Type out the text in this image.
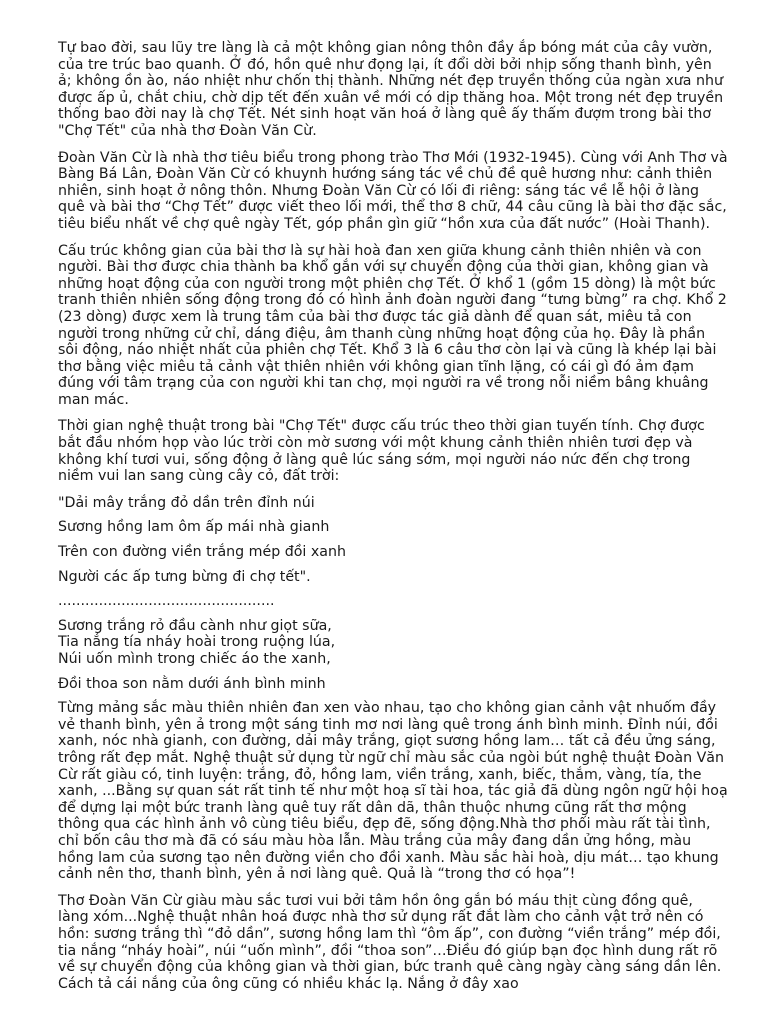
Tự bao đời, sau lũy tre làng là cả một không gian nông thôn đầy ắp bóng mát của cây vườn, của tre trúc bao quanh. Ở đó, hồn quê như đọng lại, ít đổi dời bởi nhịp sống thanh bình, yên ả; không ồn ào, náo nhiệt như chốn thị thành. Những nét đẹp truyền thống của ngàn xưa như được ấp ủ, chắt chiu, chờ dịp tết đến xuân về mới có dịp thăng hoa. Một trong nét đẹp truyền thống bao đời nay là chợ Tết. Nét sinh hoạt văn hoá ở làng quê ấy thấm đượm trong bài thơ "Chợ Tết" của nhà thơ Đoàn Văn Cừ.

Đoàn Văn Cừ là nhà thơ tiêu biểu trong phong trào Thơ Mới (1932-1945). Cùng với Anh Thơ và Bàng Bá Lân, Đoàn Văn Cừ có khuynh hướng sáng tác về chủ đề quê hương như: cảnh thiên nhiên, sinh hoạt ở nông thôn. Nhưng Đoàn Văn Cừ có lối đi riêng: sáng tác về lễ hội ở làng quê và bài thơ “Chợ Tết” được viết theo lối mới, thể thơ 8 chữ, 44 câu cũng là bài thơ đặc sắc, tiêu biểu nhất về chợ quê ngày Tết, góp phần gìn giữ “hồn xưa của đất nước” (Hoài Thanh).

Cấu trúc không gian của bài thơ là sự hài hoà đan xen giữa khung cảnh thiên nhiên và con người. Bài thơ được chia thành ba khổ gắn với sự chuyển động của thời gian, không gian và những hoạt động của con người trong một phiên chợ Tết. Ở khổ 1 (gồm 15 dòng) là một bức tranh thiên nhiên sống động trong đó có hình ảnh đoàn người đang “tưng bừng” ra chợ. Khổ 2 (23 dòng) được xem là trung tâm của bài thơ được tác giả dành để quan sát, miêu tả con người trong những cử chỉ, dáng điệu, âm thanh cùng những hoạt động của họ. Đây là phần sôi động, náo nhiệt nhất của phiên chợ Tết. Khổ 3 là 6 câu thơ còn lại và cũng là khép lại bài thơ bằng việc miêu tả cảnh vật thiên nhiên với không gian tĩnh lặng, có cái gì đó ảm đạm đúng với tâm trạng của con người khi tan chợ, mọi người ra về trong nỗi niềm bâng khuâng man mác.

Thời gian nghệ thuật trong bài "Chợ Tết" được cấu trúc theo thời gian tuyến tính. Chợ được bắt đầu nhóm họp vào lúc trời còn mờ sương với một khung cảnh thiên nhiên tươi đẹp và không khí tươi vui, sống động ở làng quê lúc sáng sớm, mọi người náo nức đến chợ trong niềm vui lan sang cùng cây cỏ, đất trời:

"Dải mây trắng đỏ dần trên đỉnh núi

Sương hồng lam ôm ấp mái nhà gianh

Trên con đường viền trắng mép đồi xanh

Người các ấp tưng bừng đi chợ tết".

................................................

Sương trắng rỏ đầu cành như giọt sữa,
Tia nắng tía nháy hoài trong ruộng lúa,
Núi uốn mình trong chiếc áo the xanh,

Đồi thoa son nằm dưới ánh bình minh

Từng mảng sắc màu thiên nhiên đan xen vào nhau, tạo cho không gian cảnh vật nhuốm đầy vẻ thanh bình, yên ả trong một sáng tinh mơ nơi làng quê trong ánh bình minh. Đỉnh núi, đồi xanh, nóc nhà gianh, con đường, dải mây trắng, giọt sương hồng lam… tất cả đều ửng sáng, trông rất đẹp mắt. Nghệ thuật sử dụng từ ngữ chỉ màu sắc của ngòi bút nghệ thuật Đoàn Văn Cừ rất giàu có, tinh luyện: trắng, đỏ, hồng lam, viền trắng, xanh, biếc, thắm, vàng, tía, the xanh, ...Bằng sự quan sát rất tinh tế như một hoạ sĩ tài hoa, tác giả đã dùng ngôn ngữ hội hoạ để dựng lại một bức tranh làng quê tuy rất dân dã, thân thuộc nhưng cũng rất thơ mộng thông qua các hình ảnh vô cùng tiêu biểu, đẹp đẽ, sống động.Nhà thơ phối màu rất tài tình, chỉ bốn câu thơ mà đã có sáu màu hòa lẫn. Màu trắng của mây đang dần ửng hồng, màu hồng lam của sương tạo nên đường viền cho đồi xanh. Màu sắc hài hoà, dịu mát… tạo khung cảnh nên thơ, thanh bình, yên ả nơi làng quê. Quả là “trong thơ có họa”!

Thơ Đoàn Văn Cừ giàu màu sắc tươi vui bởi tâm hồn ông gắn bó máu thịt cùng đồng quê, làng xóm...Nghệ thuật nhân hoá được nhà thơ sử dụng rất đắt làm cho cảnh vật trở nên có hồn: sương trắng thì “đỏ dần”, sương hồng lam thì “ôm ấp”, con đường “viền trắng” mép đồi, tia nắng “nháy hoài”, núi “uốn mình”, đồi “thoa son”…Điều đó giúp bạn đọc hình dung rất rõ về sự chuyển động của không gian và thời gian, bức tranh quê càng ngày càng sáng dần lên. Cách tả cái nắng của ông cũng có nhiều khác lạ. Nắng ở đây xao
